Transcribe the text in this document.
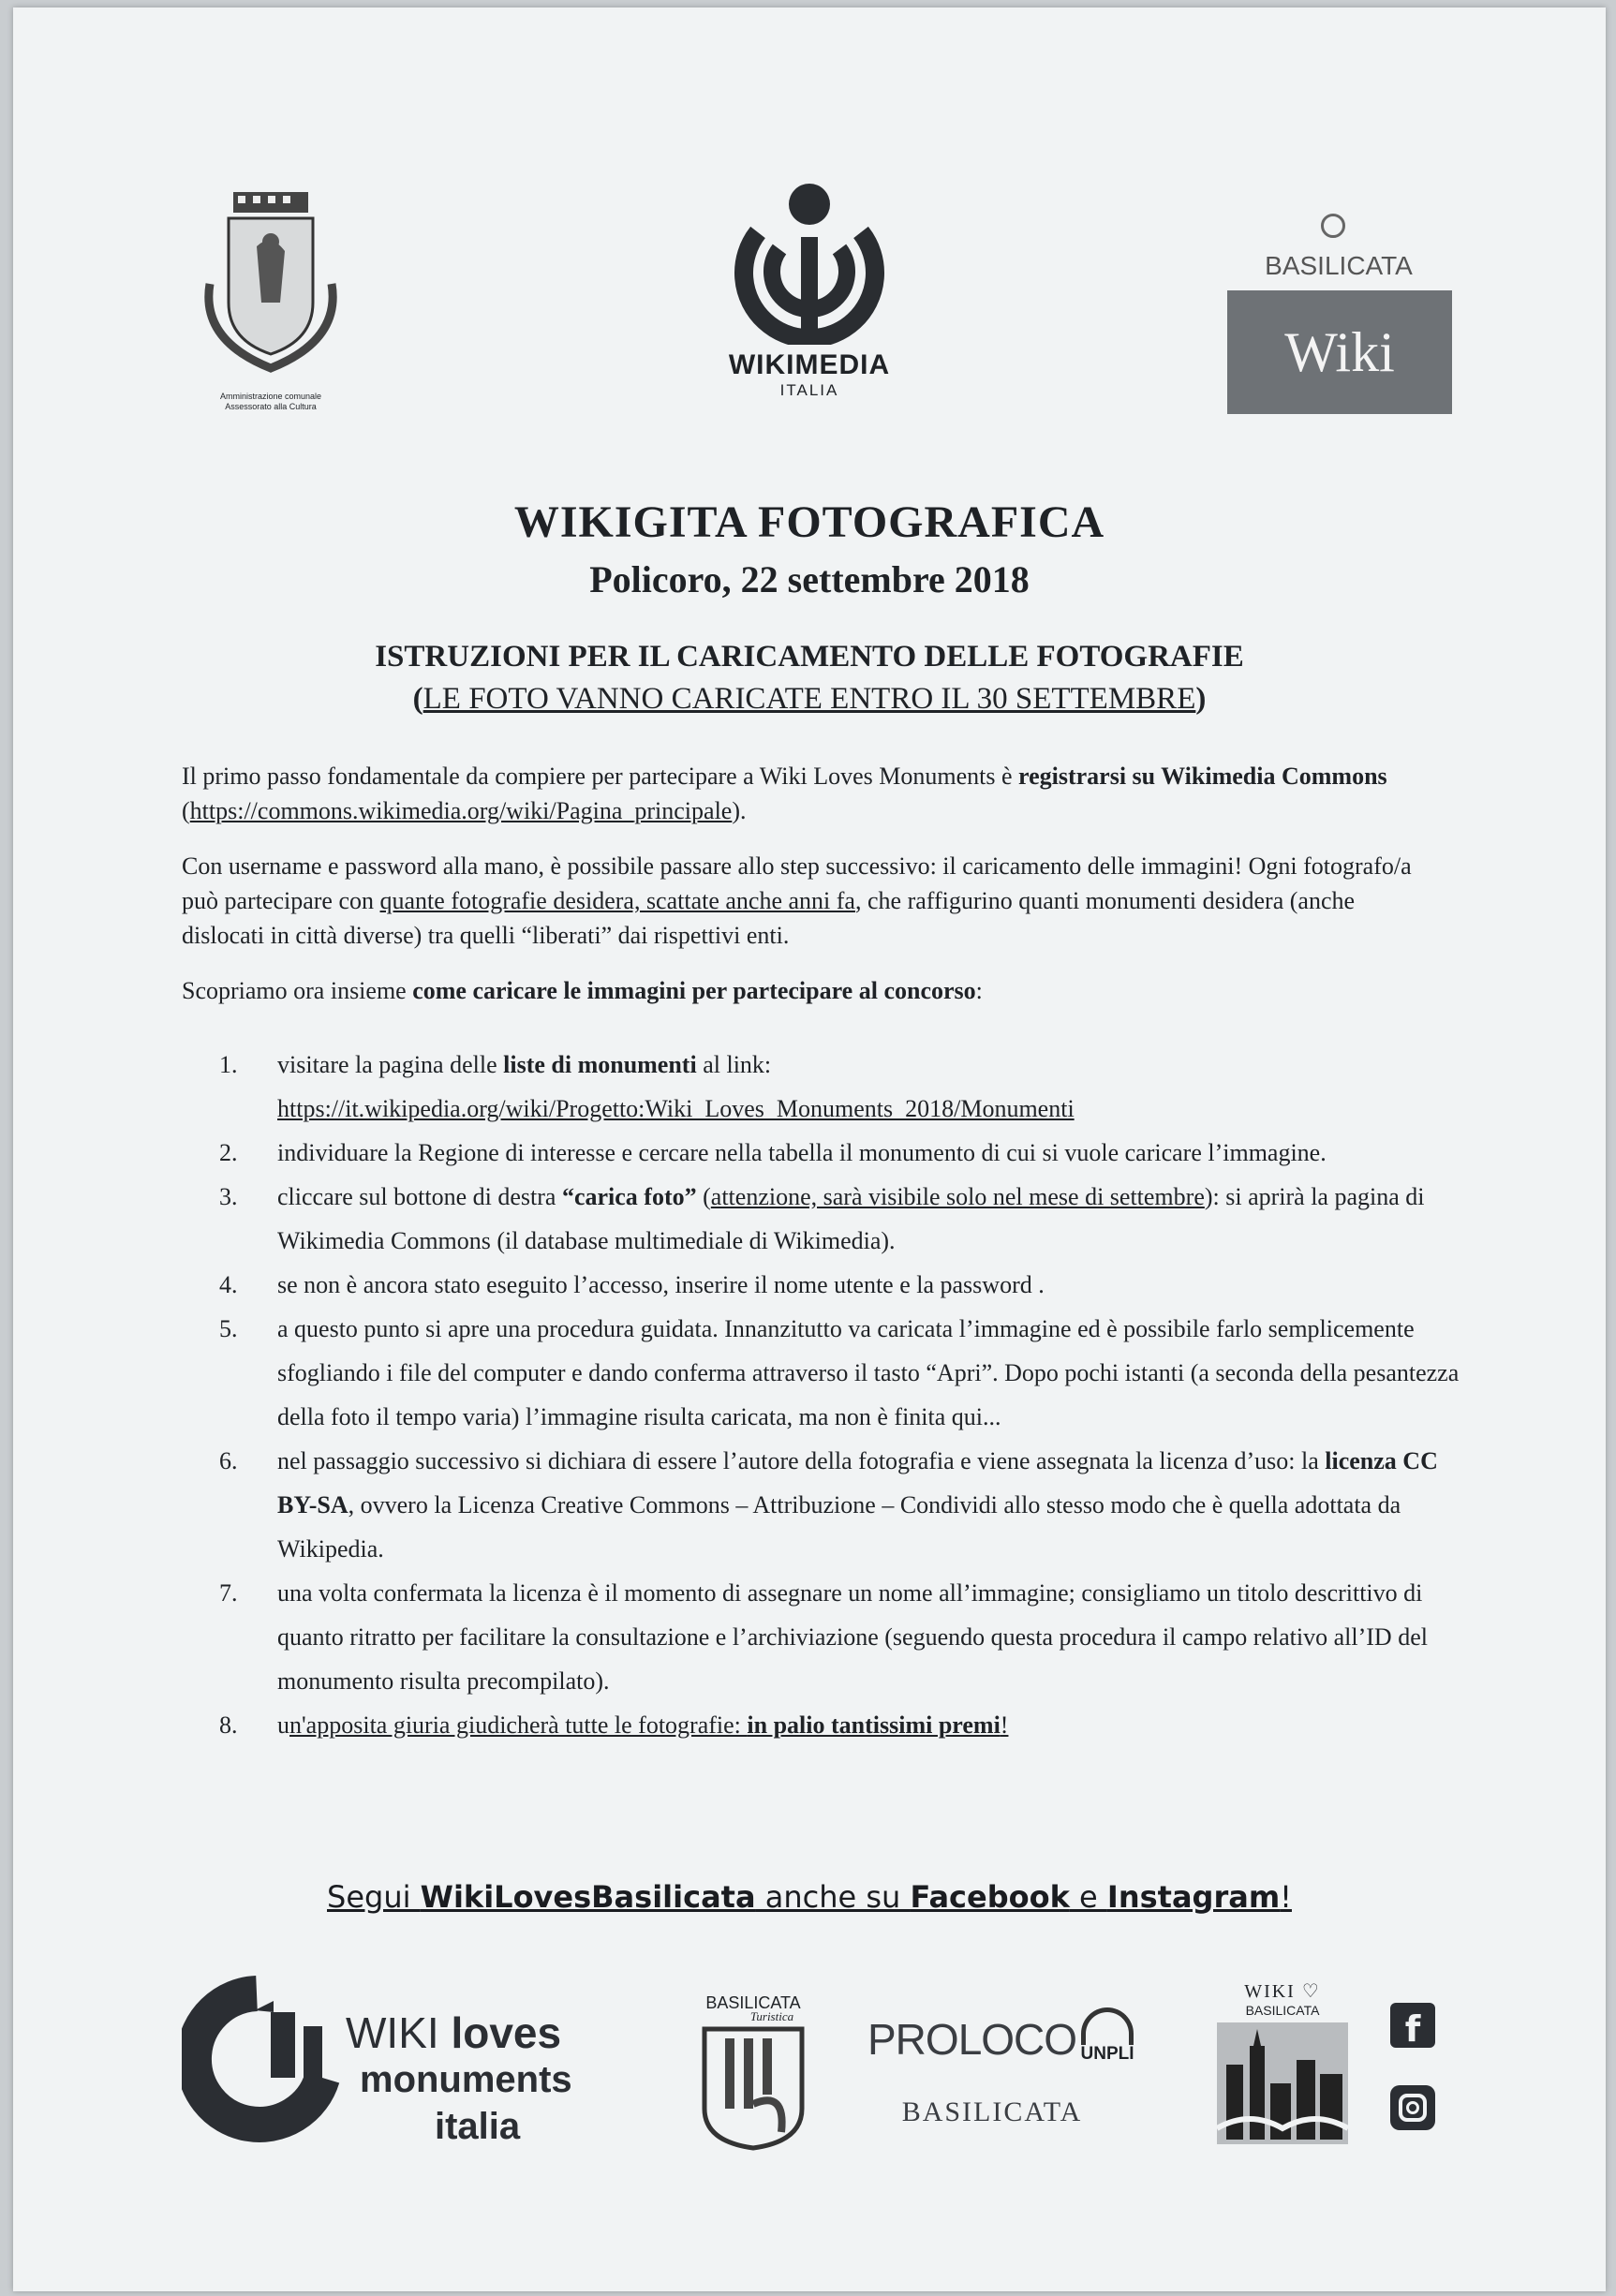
Amministrazione comunale
Assessorato alla Cultura
WIKIMEDIA
ITALIA
BASILICATA
Wiki
WIKIGITA FOTOGRAFICA
Policoro, 22 settembre 2018
ISTRUZIONI PER IL CARICAMENTO DELLE FOTOGRAFIE
(LE FOTO VANNO CARICATE ENTRO IL 30 SETTEMBRE)
Il primo passo fondamentale da compiere per partecipare a Wiki Loves Monuments è registrarsi su Wikimedia Commons (https://commons.wikimedia.org/wiki/Pagina_principale).
Con username e password alla mano, è possibile passare allo step successivo: il caricamento delle immagini! Ogni fotografo/a può partecipare con quante fotografie desidera, scattate anche anni fa, che raffigurino quanti monumenti desidera (anche dislocati in città diverse) tra quelli “liberati” dai rispettivi enti.
Scopriamo ora insieme come caricare le immagini per partecipare al concorso:
1.	visitare la pagina delle liste di monumenti al link:
https://it.wikipedia.org/wiki/Progetto:Wiki_Loves_Monuments_2018/Monumenti
2.	individuare la Regione di interesse e cercare nella tabella il monumento di cui si vuole caricare l’immagine.
3.	cliccare sul bottone di destra “carica foto” (attenzione, sarà visibile solo nel mese di settembre): si aprirà la pagina di Wikimedia Commons (il database multimediale di Wikimedia).
4.	se non è ancora stato eseguito l’accesso, inserire il nome utente e la password .
5.	a questo punto si apre una procedura guidata. Innanzitutto va caricata l’immagine ed è possibile farlo semplicemente sfogliando i file del computer e dando conferma attraverso il tasto “Apri”. Dopo pochi istanti (a seconda della pesantezza della foto il tempo varia) l’immagine risulta caricata, ma non è finita qui...
6.	nel passaggio successivo si dichiara di essere l’autore della fotografia e viene assegnata la licenza d’uso: la licenza CC BY-SA, ovvero la Licenza Creative Commons – Attribuzione – Condividi allo stesso modo che è quella adottata da Wikipedia.
7.	una volta confermata la licenza è il momento di assegnare un nome all’immagine; consigliamo un titolo descrittivo di quanto ritratto per facilitare la consultazione e l’archiviazione (seguendo questa procedura il campo relativo all’ID del monumento risulta precompilato).
8.	un'apposita giuria giudicherà tutte le fotografie: in palio tantissimi premi!
Segui WikiLovesBasilicata anche su Facebook e Instagram!
WIKI loves
monuments
italia
BASILICATA
Turistica	PROLOCO UNPLI
BASILICATA
WIKI ♡
BASILICATA	f
